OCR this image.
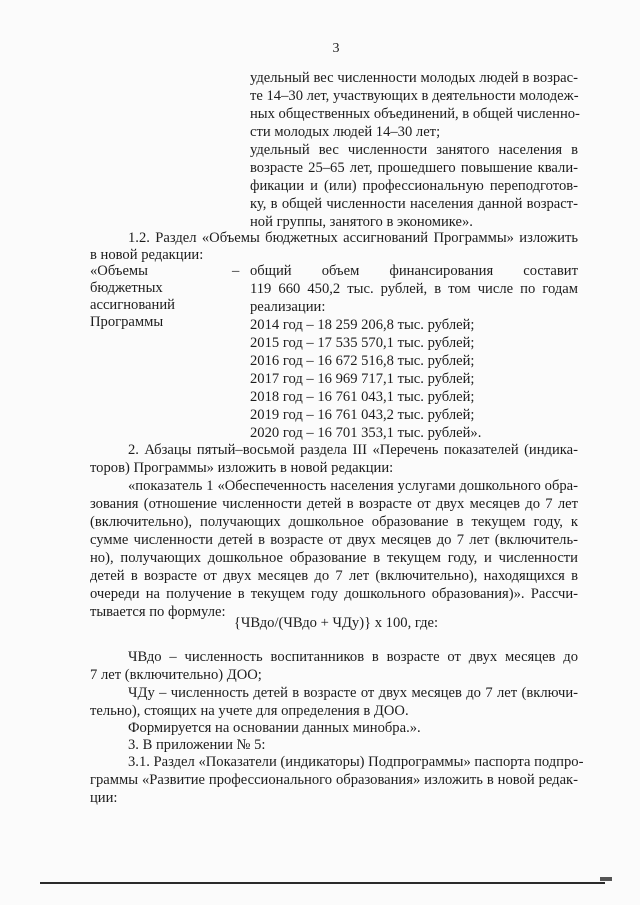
3
удельный вес численности молодых людей в возрас-
те 14–30 лет, участвующих в деятельности молодеж-
ных общественных объединений, в общей численно-
сти молодых людей 14–30 лет;
удельный вес численности занятого населения в
возрасте 25–65 лет, прошедшего повышение квали-
фикации и (или) профессиональную переподготов-
ку, в общей численности населения данной возраст-
ной группы, занятого в экономике».
1.2. Раздел «Объемы бюджетных ассигнований Программы» изложить
в новой редакции:
«Объемы
бюджетных
ассигнований
Программы
– общий объем финансирования составит
119 660 450,2 тыс. рублей, в том числе по годам
реализации:
2014 год – 18 259 206,8 тыс. рублей;
2015 год – 17 535 570,1 тыс. рублей;
2016 год – 16 672 516,8 тыс. рублей;
2017 год – 16 969 717,1 тыс. рублей;
2018 год – 16 761 043,1 тыс. рублей;
2019 год – 16 761 043,2 тыс. рублей;
2020 год – 16 701 353,1 тыс. рублей».
2. Абзацы пятый–восьмой раздела III «Перечень показателей (индика-
торов) Программы» изложить в новой редакции:
«показатель 1 «Обеспеченность населения услугами дошкольного обра-
зования (отношение численности детей в возрасте от двух месяцев до 7 лет
(включительно), получающих дошкольное образование в текущем году, к
сумме численности детей в возрасте от двух месяцев до 7 лет (включитель-
но), получающих дошкольное образование в текущем году, и численности
детей в возрасте от двух месяцев до 7 лет (включительно), находящихся в
очереди на получение в текущем году дошкольного образования)». Рассчи-
тывается по формуле:
{ЧВдо/(ЧВдо + ЧДу)} x 100, где:
ЧВдо – численность воспитанников в возрасте от двух месяцев до
7 лет (включительно) ДОО;
ЧДу – численность детей в возрасте от двух месяцев до 7 лет (включи-
тельно), стоящих на учете для определения в ДОО.
Формируется на основании данных минобра.».
3. В приложении № 5:
3.1. Раздел «Показатели (индикаторы) Подпрограммы» паспорта подпро-
граммы «Развитие профессионального образования» изложить в новой редак-
ции:
